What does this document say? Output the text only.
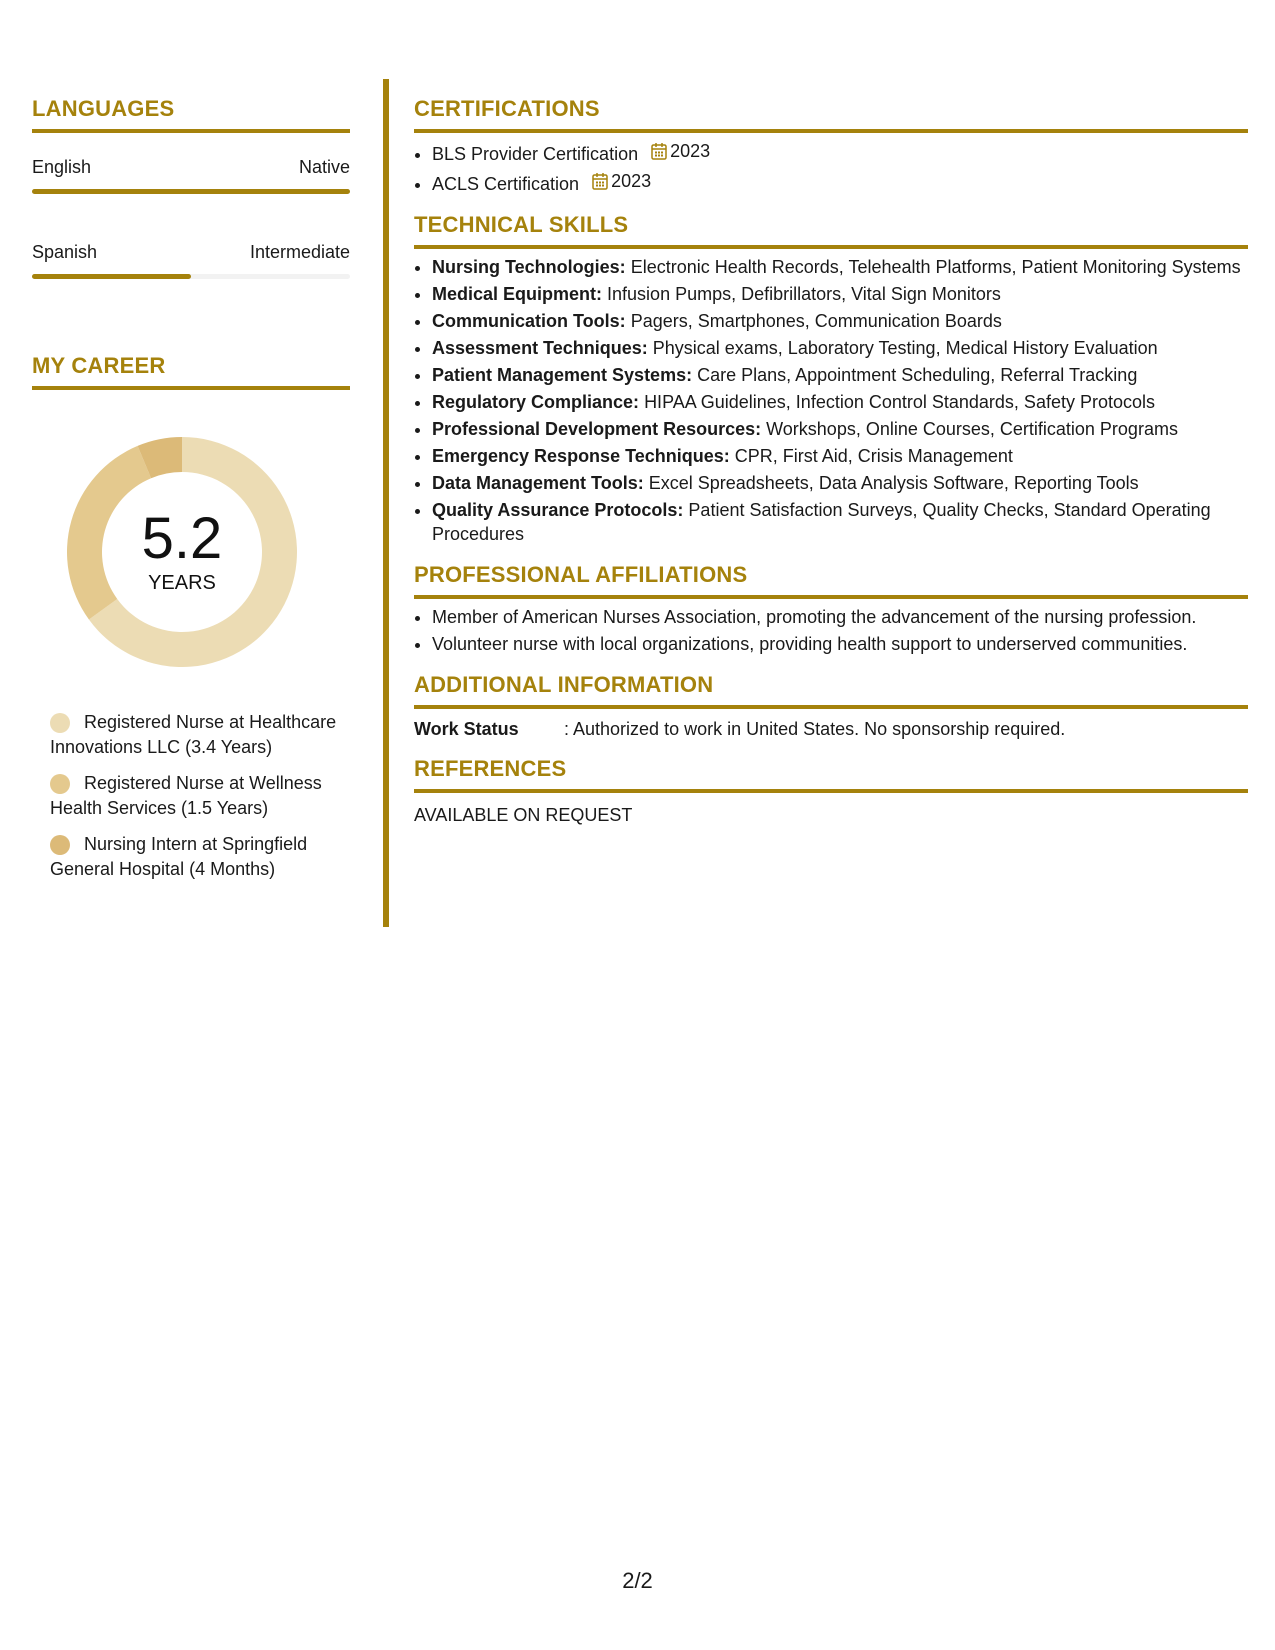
LANGUAGES
English	Native
Spanish	Intermediate
MY CAREER
5.2
YEARS
Registered Nurse at Healthcare Innovations LLC (3.4 Years)
Registered Nurse at Wellness Health Services (1.5 Years)
Nursing Intern at Springfield General Hospital (4 Months)
CERTIFICATIONS
• BLS Provider Certification 2023
• ACLS Certification 2023
TECHNICAL SKILLS
• Nursing Technologies: Electronic Health Records, Telehealth Platforms, Patient Monitoring Systems
• Medical Equipment: Infusion Pumps, Defibrillators, Vital Sign Monitors
• Communication Tools: Pagers, Smartphones, Communication Boards
• Assessment Techniques: Physical exams, Laboratory Testing, Medical History Evaluation
• Patient Management Systems: Care Plans, Appointment Scheduling, Referral Tracking
• Regulatory Compliance: HIPAA Guidelines, Infection Control Standards, Safety Protocols
• Professional Development Resources: Workshops, Online Courses, Certification Programs
• Emergency Response Techniques: CPR, First Aid, Crisis Management
• Data Management Tools: Excel Spreadsheets, Data Analysis Software, Reporting Tools
• Quality Assurance Protocols: Patient Satisfaction Surveys, Quality Checks, Standard Operating Procedures
PROFESSIONAL AFFILIATIONS
• Member of American Nurses Association, promoting the advancement of the nursing profession.
• Volunteer nurse with local organizations, providing health support to underserved communities.
ADDITIONAL INFORMATION
Work Status	: Authorized to work in United States. No sponsorship required.
REFERENCES
AVAILABLE ON REQUEST
2/2
